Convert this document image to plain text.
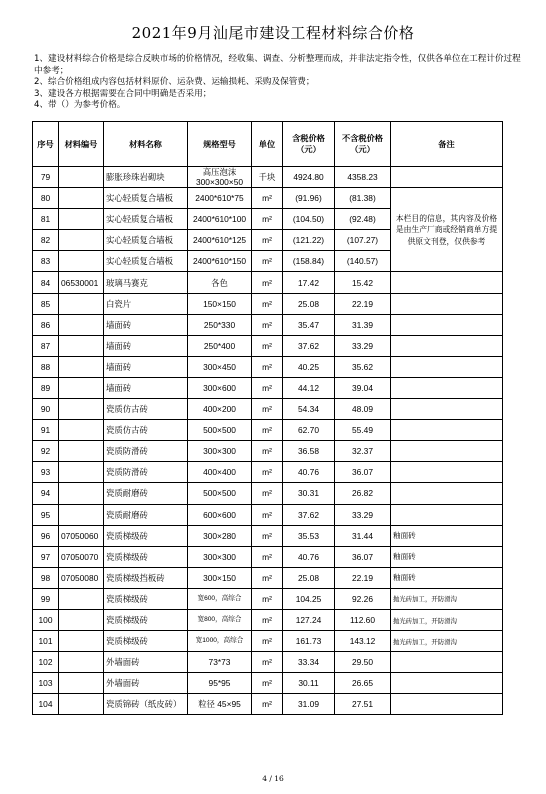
2021年9月汕尾市建设工程材料综合价格
1、建设材料综合价格是综合反映市场的价格情况，经收集、调查、分析整理而成，并非法定指令性，仅供各单位在工程计价过程中参考；
2、综合价格组成内容包括材料原价、运杂费、运输损耗、采购及保管费；
3、建设各方根据需要在合同中明确是否采用；
4、带（）为参考价格。
序号	材料编号	材料名称	规格型号	单位	含税价格（元）	不含税价格（元）	备注
79		膨胀珍珠岩砌块	高压泡沫300×300×50	千块	4924.80	4358.23	
80		实心轻质复合墙板	2400*610*75	m²	(91.96)	(81.38)	本栏目的信息，其内容及价格是由生产厂商或经销商单方提供原文刊登，仅供参考
81		实心轻质复合墙板	2400*610*100	m²	(104.50)	(92.48)	
82		实心轻质复合墙板	2400*610*125	m²	(121.22)	(107.27)	
83		实心轻质复合墙板	2400*610*150	m²	(158.84)	(140.57)	
84	06530001	玻璃马赛克	各色	m²	17.42	15.42	
85		白瓷片	150×150	m²	25.08	22.19	
86		墙面砖	250*330	m²	35.47	31.39	
87		墙面砖	250*400	m²	37.62	33.29	
88		墙面砖	300×450	m²	40.25	35.62	
89		墙面砖	300×600	m²	44.12	39.04	
90		瓷质仿古砖	400×200	m²	54.34	48.09	
91		瓷质仿古砖	500×500	m²	62.70	55.49	
92		瓷质防滑砖	300×300	m²	36.58	32.37	
93		瓷质防滑砖	400×400	m²	40.76	36.07	
94		瓷质耐磨砖	500×500	m²	30.31	26.82	
95		瓷质耐磨砖	600×600	m²	37.62	33.29	
96	07050060	瓷质梯级砖	300×280	m²	35.53	31.44	釉面砖
97	07050070	瓷质梯级砖	300×300	m²	40.76	36.07	釉面砖
98	07050080	瓷质梯级挡板砖	300×150	m²	25.08	22.19	釉面砖
99		瓷质梯级砖	宽600，高综合	m²	104.25	92.26	抛光砖加工，开防滑沟
100		瓷质梯级砖	宽800，高综合	m²	127.24	112.60	抛光砖加工，开防滑沟
101		瓷质梯级砖	宽1000，高综合	m²	161.73	143.12	抛光砖加工，开防滑沟
102		外墙面砖	73*73	m²	33.34	29.50	
103		外墙面砖	95*95	m²	30.11	26.65	
104		瓷质锦砖（纸皮砖）	粒径 45×95	m²	31.09	27.51	
4 / 16
